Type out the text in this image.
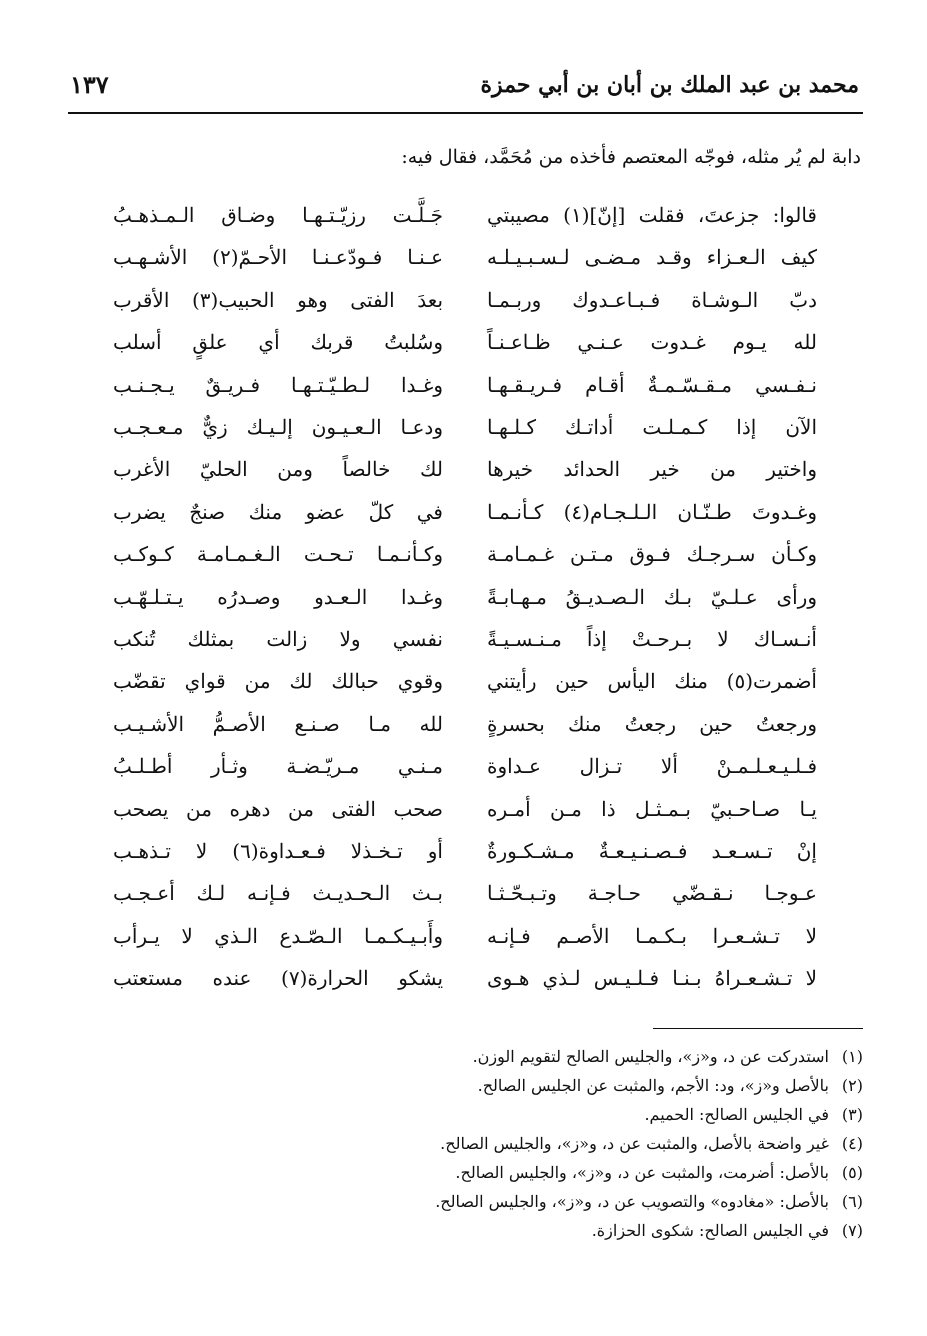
محمد بن عبد الملك بن أبان بن أبي حمزة
١٣٧
دابة لم يُر مثله، فوجّه المعتصم فأخذه من مُحَمَّد، فقال فيه:
قالوا: جزعتَ، فقلت [إنّ](١) مصيبتي
جَـلَّـت رزيّـتـهـا وضـاق الـمـذهـبُ
كيف الـعـزاء وقـد مـضـى لـسـبـيـلـه
عـنـا فـودّعـنـا الأحـمّ(٢) الأشـهـب
دبّ الـوشـاة فـبـاعـدوك وربـمـا
بعدَ الفتى وهو الحبيب(٣) الأقرب
لله يـوم غـدوت عـنـي ظـاعـنـاً
وسُلبتُ قربك أي علقٍ أسلب
نـفـسي مـقـسّـمـةٌ أقـام فـريـقـهـا
وغـدا لـطـيّـتـهـا فـريـقٌ يـجـنـب
الآن إذا كـمـلـت أداتـك كـلـهـا
ودعـا الـعـيـون إلـيـك زيٌّ مـعـجـب
واختير من خير الحدائد خيرها
لك خالصاً ومن الحليّ الأغرب
وغـدوتَ طـنّـان الـلـجـام(٤) كـأنـمـا
في كلّ عضو منك صنجٌ يضرب
وكـأن سـرجـك فـوق مـتـن غـمـامـة
وكـأنـمـا تـحـت الـغـمـامـة كـوكـب
ورأى عـلـيّ بـك الـصـديـقُ مـهـابـةً
وغـدا الـعـدو وصـدرُه يـتـلـهّـب
أنـسـاك لا بـرحـتْ إذاً مـنـسـيـةً
نفسي ولا زالت بمثلك تُنكب
أضمرت(٥) منك اليأس حين رأيتني
وقوي حبالك لك من قواي تقضّب
ورجعتُ حين رجعتُ منك بحسرةٍ
لله مـا صـنـع الأصـمُّ الأشـيـب
فـلـيـعـلـمـنْ ألا تـزال عـداوة
مـنـي مـريّـضـة وثـأر أطـلـبُ
يـا صـاحـبيّ بـمـثـل ذا مـن أمـره
صحب الفتى من دهره من يصحب
إنْ تـسـعـد فـصـنـيـعـةٌ مـشـكـورةٌ
أو تـخـذلا فـعـداوة(٦) لا تـذهـب
عـوجـا نـقـضّي حـاجـة وتـبـحّـثـا
بـث الـحـديـث فـإنـه لـك أعـجـب
لا تـشـعـرا بـكـمـا الأصـم فـإنـه
وأَبـيـكـمـا الـصّـدع الـذي لا يـرأب
لا تـشـعـراهُ بـنـا فـلـيـس لـذي هـوى
يشكو الحرارة(٧) عنده مستعتب
(١)استدركت عن د، و«ز»، والجليس الصالح لتقويم الوزن.
(٢)بالأصل و«ز»، ود: الأجم، والمثبت عن الجليس الصالح.
(٣)في الجليس الصالح: الحميم.
(٤)غير واضحة بالأصل، والمثبت عن د، و«ز»، والجليس الصالح.
(٥)بالأصل: أضرمت، والمثبت عن د، و«ز»، والجليس الصالح.
(٦)بالأصل: «مغادوه» والتصويب عن د، و«ز»، والجليس الصالح.
(٧)في الجليس الصالح: شكوى الحزازة.
